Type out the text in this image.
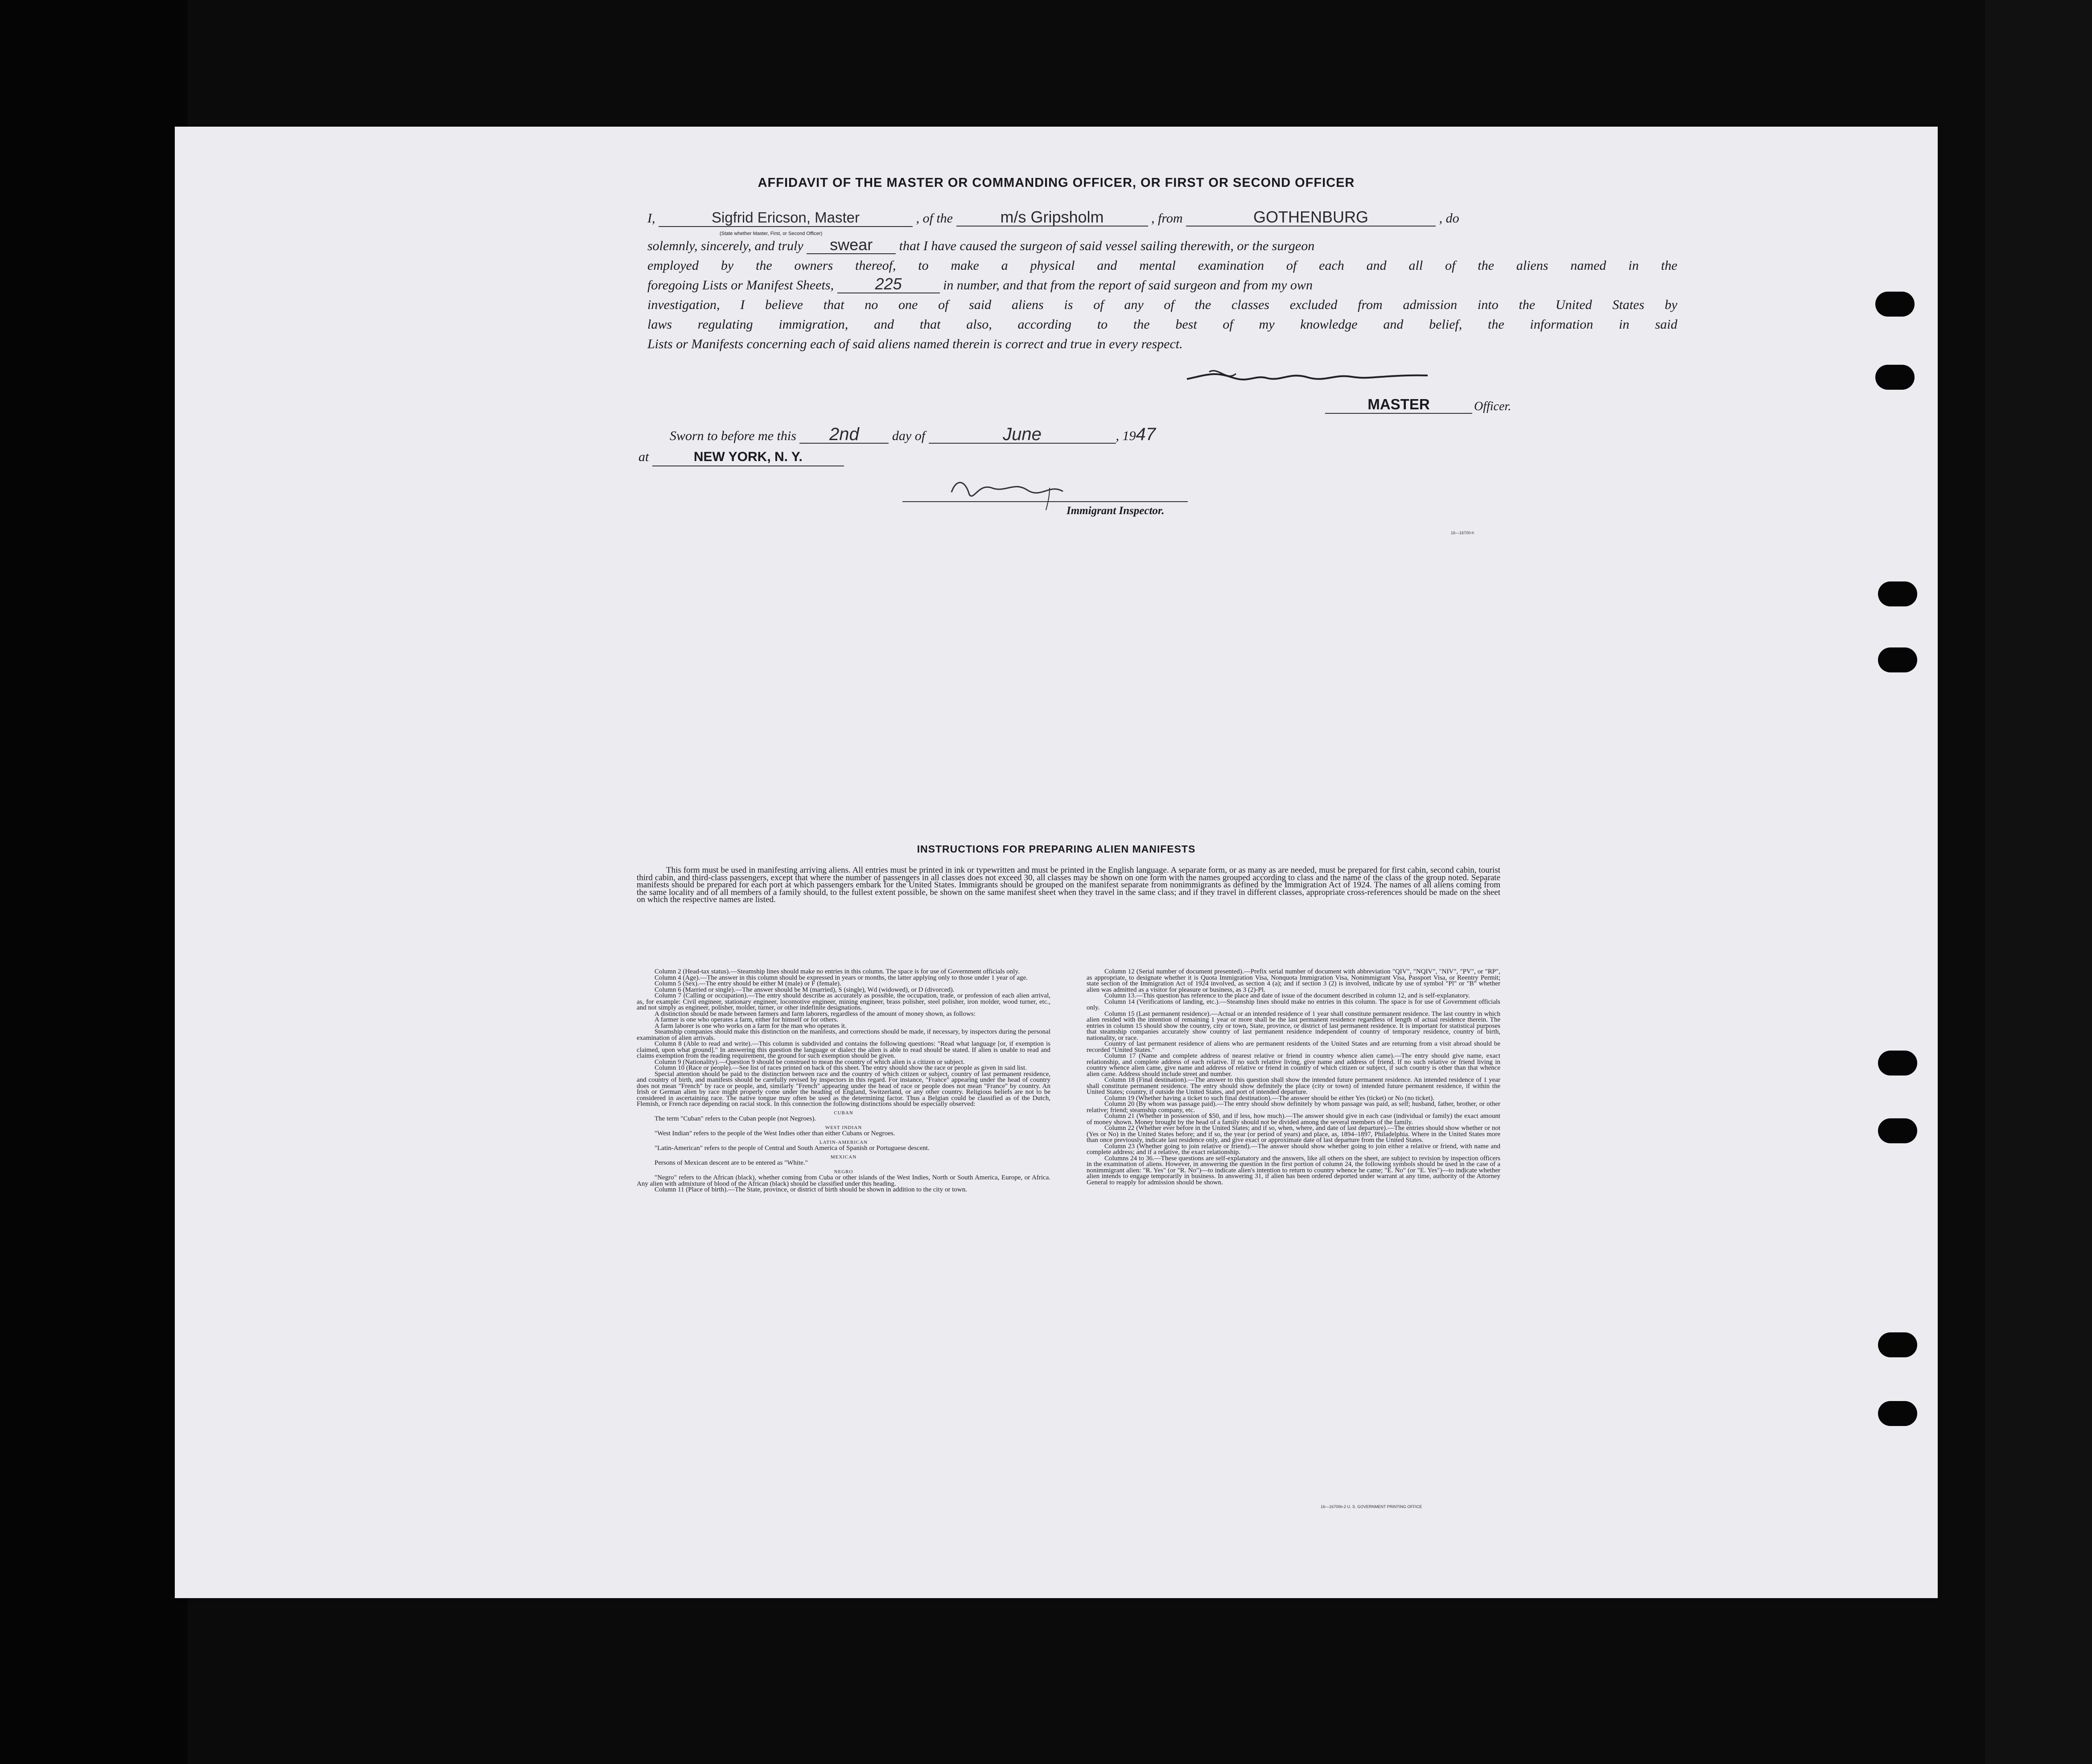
AFFIDAVIT OF THE MASTER OR COMMANDING OFFICER, OR FIRST OR SECOND OFFICER
I,	Sigfrid Ericson, Master	, of the	m/s Gripsholm	, from	GOTHENBURG	, do
(State whether Master, First, or Second Officer)
solemnly, sincerely, and truly swear that I have caused the surgeon of said vessel sailing therewith, or the surgeon
employed by the owners thereof, to make a physical and mental examination of each and all of the aliens named in the
foregoing Lists or Manifest Sheets,	225	in number, and that from the report of said surgeon and from my own
investigation, I believe that no one of said aliens is of any of the classes excluded from admission into the United States by
laws regulating immigration, and that also, according to the best of my knowledge and belief, the information in said
Lists or Manifests concerning each of said aliens named therein is correct and true in every respect.
MASTER	Officer.
Sworn to before me this 2nd day of	June	, 1947
at	NEW YORK, N. Y.
Immigrant Inspector.
16—16700-h
INSTRUCTIONS FOR PREPARING ALIEN MANIFESTS
This form must be used in manifesting arriving aliens. All entries must be printed in ink or typewritten and must be printed in the English language. A separate form, or as many as are needed, must be prepared for first cabin, second cabin, tourist third cabin, and third-class passengers, except that where the number of passengers in all classes does not exceed 30, all classes may be shown on one form with the names grouped according to class and the name of the class of the group noted. Separate manifests should be prepared for each port at which passengers embark for the United States. Immigrants should be grouped on the manifest separate from nonimmigrants as defined by the Immigration Act of 1924. The names of all aliens coming from the same locality and of all members of a family should, to the fullest extent possible, be shown on the same manifest sheet when they travel in the same class; and if they travel in different classes, appropriate cross-references should be made on the sheet on which the respective names are listed.

Column 2 (Head-tax status).—Steamship lines should make no entries in this column. The space is for use of Government officials only.

Column 4 (Age).—The answer in this column should be expressed in years or months, the latter applying only to those under 1 year of age.

Column 5 (Sex).—The entry should be either M (male) or F (female).

Column 6 (Married or single).—The answer should be M (married), S (single), Wd (widowed), or D (divorced).

Column 7 (Calling or occupation).—The entry should describe as accurately as possible, the occupation, trade, or profession of each alien arrival, as, for example: Civil engineer, stationary engineer, locomotive engineer, mining engineer, brass polisher, steel polisher, iron molder, wood turner, etc., and not simply as engineer, polisher, molder, turner, or other indefinite designations.

A distinction should be made between farmers and farm laborers, regardless of the amount of money shown, as follows:

A farmer is one who operates a farm, either for himself or for others.

A farm laborer is one who works on a farm for the man who operates it.

Steamship companies should make this distinction on the manifests, and corrections should be made, if necessary, by inspectors during the personal examination of alien arrivals.

Column 8 (Able to read and write).—This column is subdivided and contains the following questions: "Read what language [or, if exemption is claimed, upon what ground]." In answering this question the language or dialect the alien is able to read should be stated. If alien is unable to read and claims exemption from the reading requirement, the ground for such exemption should be given.

Column 9 (Nationality).—Question 9 should be construed to mean the country of which alien is a citizen or subject.

Column 10 (Race or people).—See list of races printed on back of this sheet. The entry should show the race or people as given in said list.

Special attention should be paid to the distinction between race and the country of which citizen or subject, country of last permanent residence, and country of birth, and manifests should be carefully revised by inspectors in this regard. For instance, "France" appearing under the head of country does not mean "French" by race or people, and, similarly "French" appearing under the head of race or people does not mean "France" by country. An Irish or German alien by race might properly come under the heading of England, Switzerland, or any other country. Religious beliefs are not to be considered in ascertaining race. The native tongue may often be used as the determining factor. Thus a Belgian could be classified as of the Dutch, Flemish, or French race depending on racial stock. In this connection the following distinctions should be especially observed:

CUBAN

The term "Cuban" refers to the Cuban people (not Negroes).

WEST INDIAN

"West Indian" refers to the people of the West Indies other than either Cubans or Negroes.

LATIN-AMERICAN

"Latin-American" refers to the people of Central and South America of Spanish or Portuguese descent.

MEXICAN

Persons of Mexican descent are to be entered as "White."

NEGRO

"Negro" refers to the African (black), whether coming from Cuba or other islands of the West Indies, North or South America, Europe, or Africa. Any alien with admixture of blood of the African (black) should be classified under this heading.

Column 11 (Place of birth).—The State, province, or district of birth should be shown in addition to the city or town.

Column 12 (Serial number of document presented).—Prefix serial number of document with abbreviation "QIV", "NQIV", "NIV", "PV", or "RP", as appropriate, to designate whether it is Quota Immigration Visa, Nonquota Immigration Visa, Nonimmigrant Visa, Passport Visa, or Reentry Permit; state section of the Immigration Act of 1924 involved, as section 4 (a); and if section 3 (2) is involved, indicate by use of symbol "Pl" or "B" whether alien was admitted as a visitor for pleasure or business, as 3 (2)-Pl.

Column 13.—This question has reference to the place and date of issue of the document described in column 12, and is self-explanatory.

Column 14 (Verifications of landing, etc.).—Steamship lines should make no entries in this column. The space is for use of Government officials only.

Column 15 (Last permanent residence).—Actual or an intended residence of 1 year shall constitute permanent residence. The last country in which alien resided with the intention of remaining 1 year or more shall be the last permanent residence regardless of length of actual residence therein. The entries in column 15 should show the country, city or town, State, province, or district of last permanent residence. It is important for statistical purposes that steamship companies accurately show country of last permanent residence independent of country of temporary residence, country of birth, nationality, or race.

Country of last permanent residence of aliens who are permanent residents of the United States and are returning from a visit abroad should be recorded "United States."

Column 17 (Name and complete address of nearest relative or friend in country whence alien came).—The entry should give name, exact relationship, and complete address of each relative. If no such relative living, give name and address of friend. If no such relative or friend living in country whence alien came, give name and address of relative or friend in country of which citizen or subject, if such country is other than that whence alien came. Address should include street and number.

Column 18 (Final destination).—The answer to this question shall show the intended future permanent residence. An intended residence of 1 year shall constitute permanent residence. The entry should show definitely the place (city or town) of intended future permanent residence, if within the United States; country, if outside the United States, and port of intended departure.

Column 19 (Whether having a ticket to such final destination).—The answer should be either Yes (ticket) or No (no ticket).

Column 20 (By whom was passage paid).—The entry should show definitely by whom passage was paid, as self; husband, father, brother, or other relative; friend; steamship company, etc.

Column 21 (Whether in possession of $50, and if less, how much).—The answer should give in each case (individual or family) the exact amount of money shown. Money brought by the head of a family should not be divided among the several members of the family.

Column 22 (Whether ever before in the United States; and if so, when, where, and date of last departure).—The entries should show whether or not (Yes or No) in the United States before; and if so, the year (or period of years) and place, as, 1894–1897, Philadelphia. Where in the United States more than once previously, indicate last residence only, and give exact or approximate date of last departure from the United States.

Column 23 (Whether going to join relative or friend).—The answer should show whether going to join either a relative or friend, with name and complete address; and if a relative, the exact relationship.

Columns 24 to 36.—These questions are self-explanatory and the answers, like all others on the sheet, are subject to revision by inspection officers in the examination of aliens. However, in answering the question in the first portion of column 24, the following symbols should be used in the case of a nonimmigrant alien: "R. Yes" (or "R. No")—to indicate alien's intention to return to country whence he came; "E. No" (or "E. Yes")—to indicate whether alien intends to engage temporarily in business. In answering 31, if alien has been ordered deported under warrant at any time, authority of the Attorney General to reapply for admission should be shown.

16—16700h-2 U. S. GOVERNMENT PRINTING OFFICE
